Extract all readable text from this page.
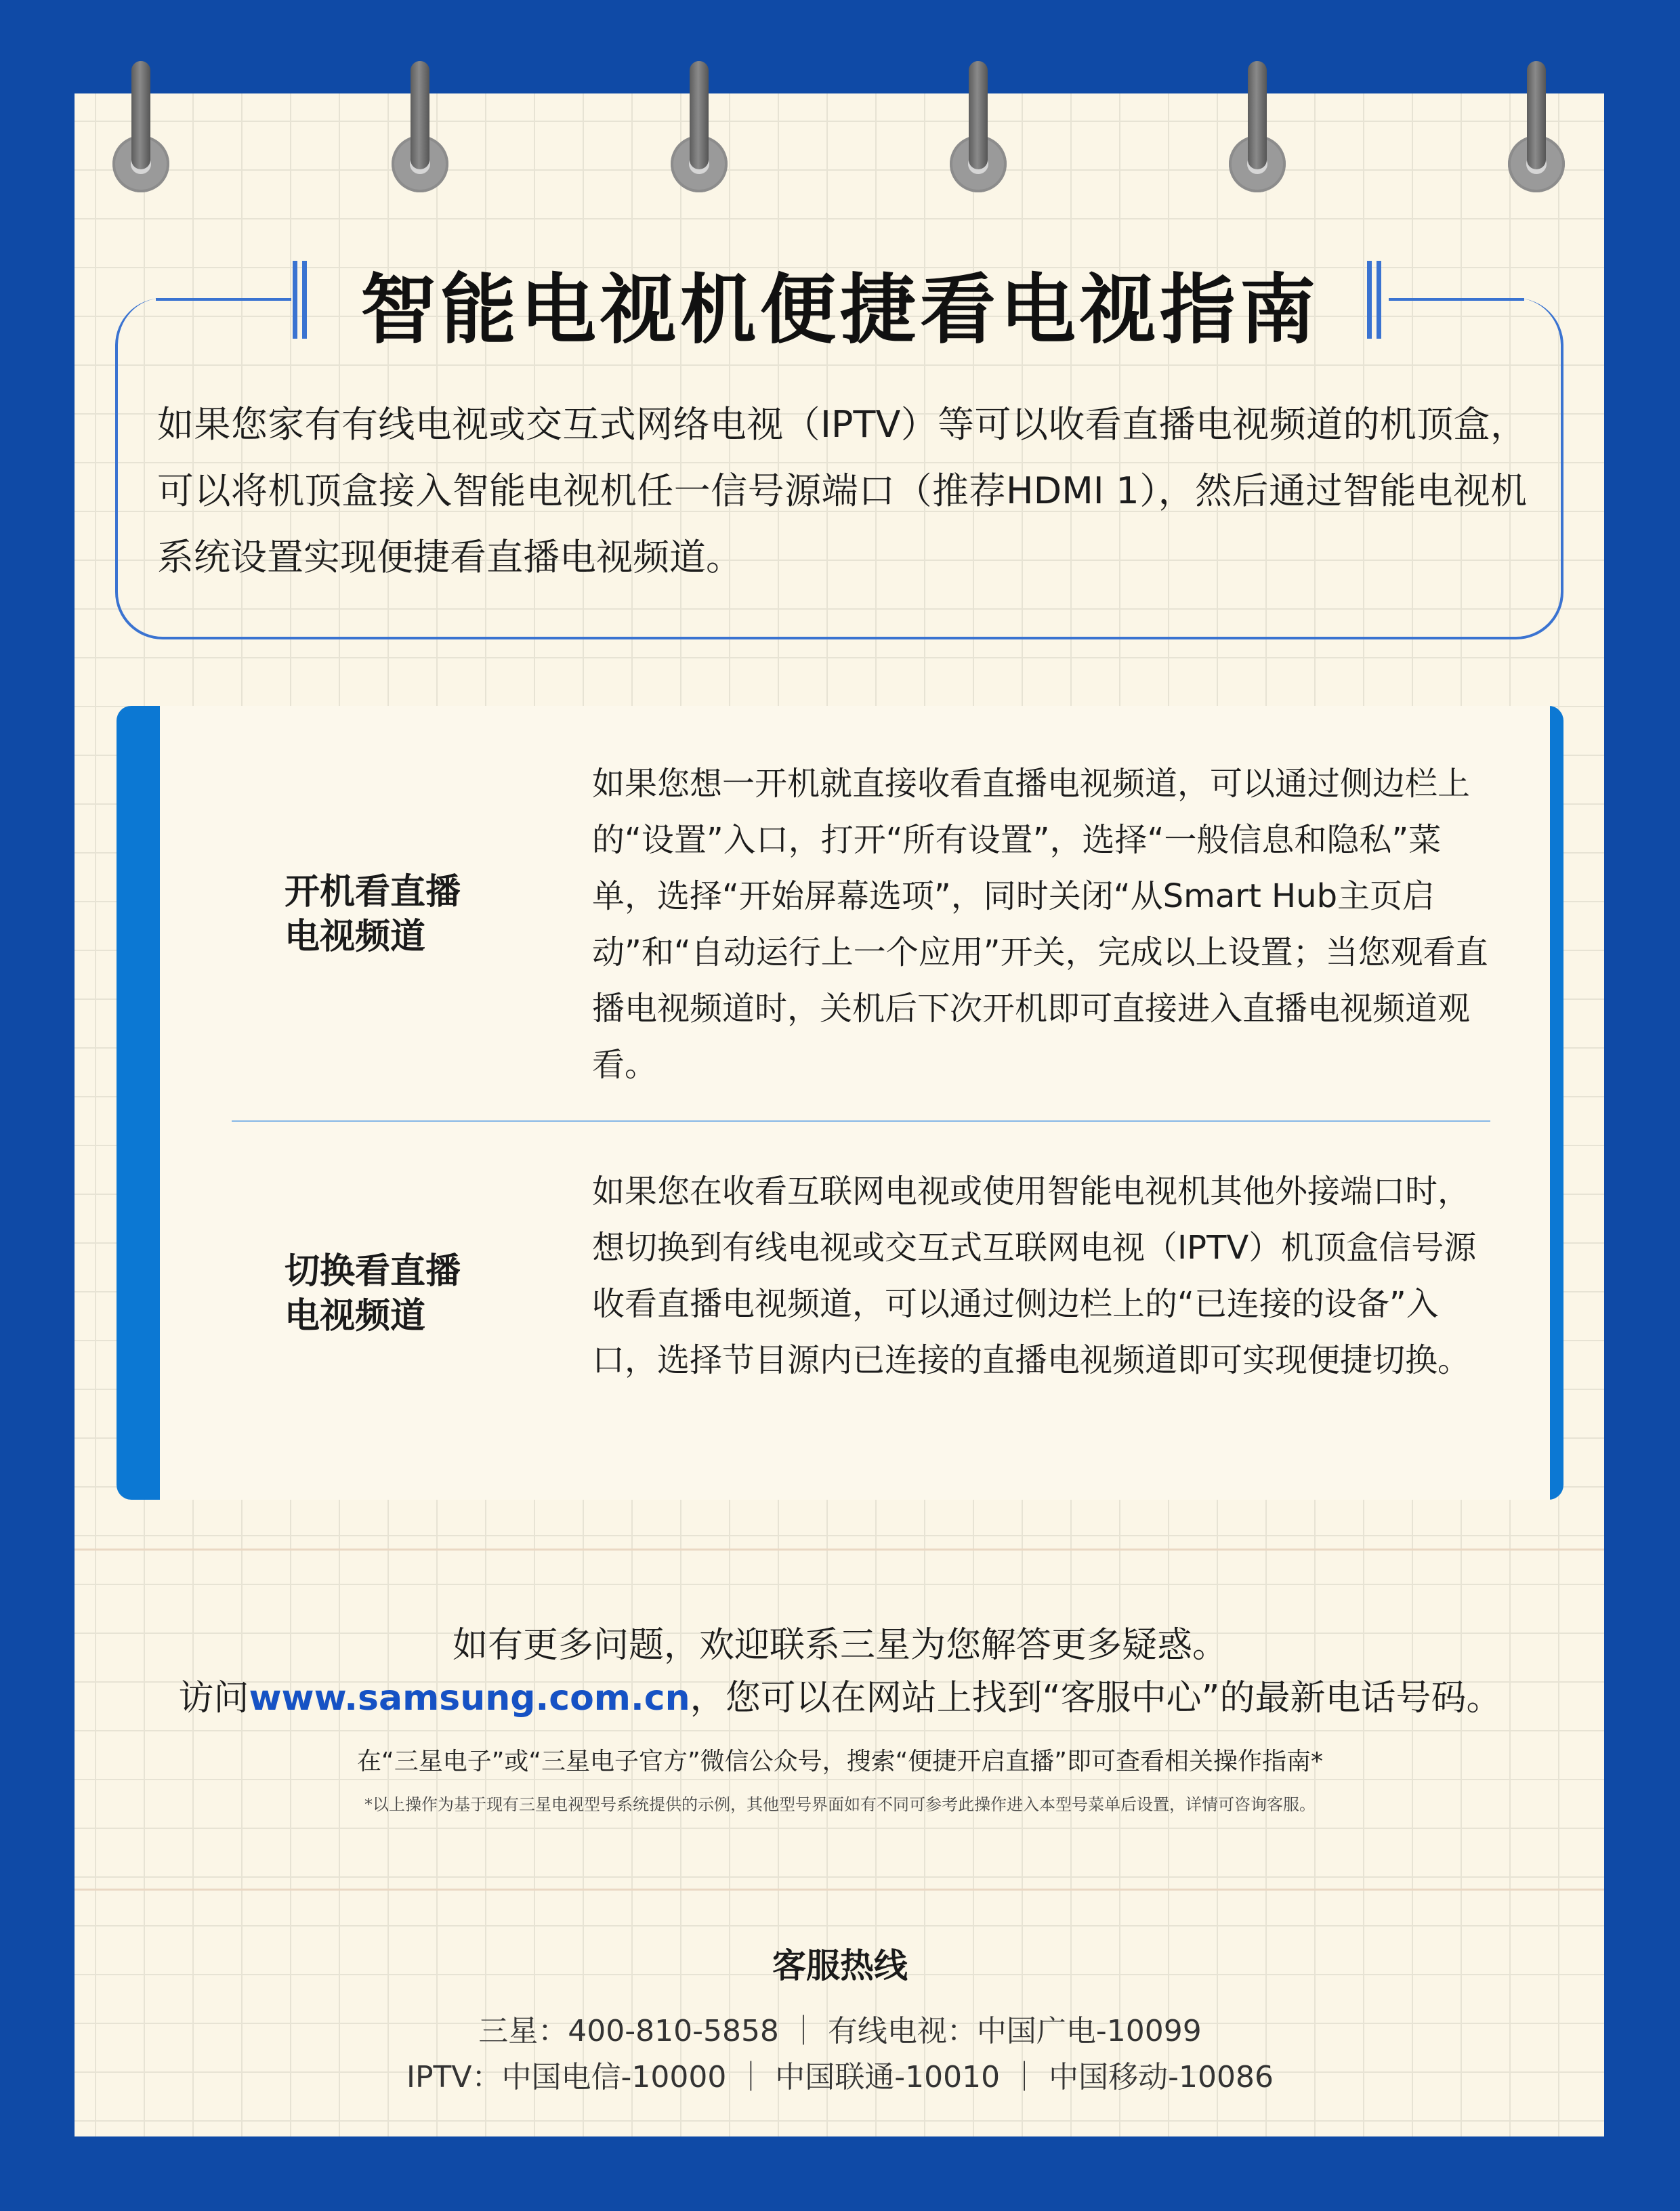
智能电视机便捷看电视指南
如果您家有有线电视或交互式网络电视（IPTV）等可以收看直播电视频道的机顶盒，可以将机顶盒接入智能电视机任一信号源端口（推荐HDMI 1），然后通过智能电视机系统设置实现便捷看直播电视频道。
开机看直播
电视频道
如果您想一开机就直接收看直播电视频道，可以通过侧边栏上的“设置”入口，打开“所有设置”，选择“一般信息和隐私”菜单，选择“开始屏幕选项”，同时关闭“从Smart Hub主页启动”和“自动运行上一个应用”开关，完成以上设置；当您观看直播电视频道时，关机后下次开机即可直接进入直播电视频道观看。
切换看直播
电视频道
如果您在收看互联网电视或使用智能电视机其他外接端口时，想切换到有线电视或交互式互联网电视（IPTV）机顶盒信号源收看直播电视频道，可以通过侧边栏上的“已连接的设备”入口，选择节目源内已连接的直播电视频道即可实现便捷切换。
如有更多问题，欢迎联系三星为您解答更多疑惑。
访问www.samsung.com.cn，您可以在网站上找到“客服中心”的最新电话号码。
在“三星电子”或“三星电子官方”微信公众号，搜索“便捷开启直播”即可查看相关操作指南*
*以上操作为基于现有三星电视型号系统提供的示例，其他型号界面如有不同可参考此操作进入本型号菜单后设置，详情可咨询客服。
客服热线
三星：400-810-5858 ｜ 有线电视：中国广电-10099
IPTV：中国电信-10000 ｜ 中国联通-10010 ｜ 中国移动-10086
